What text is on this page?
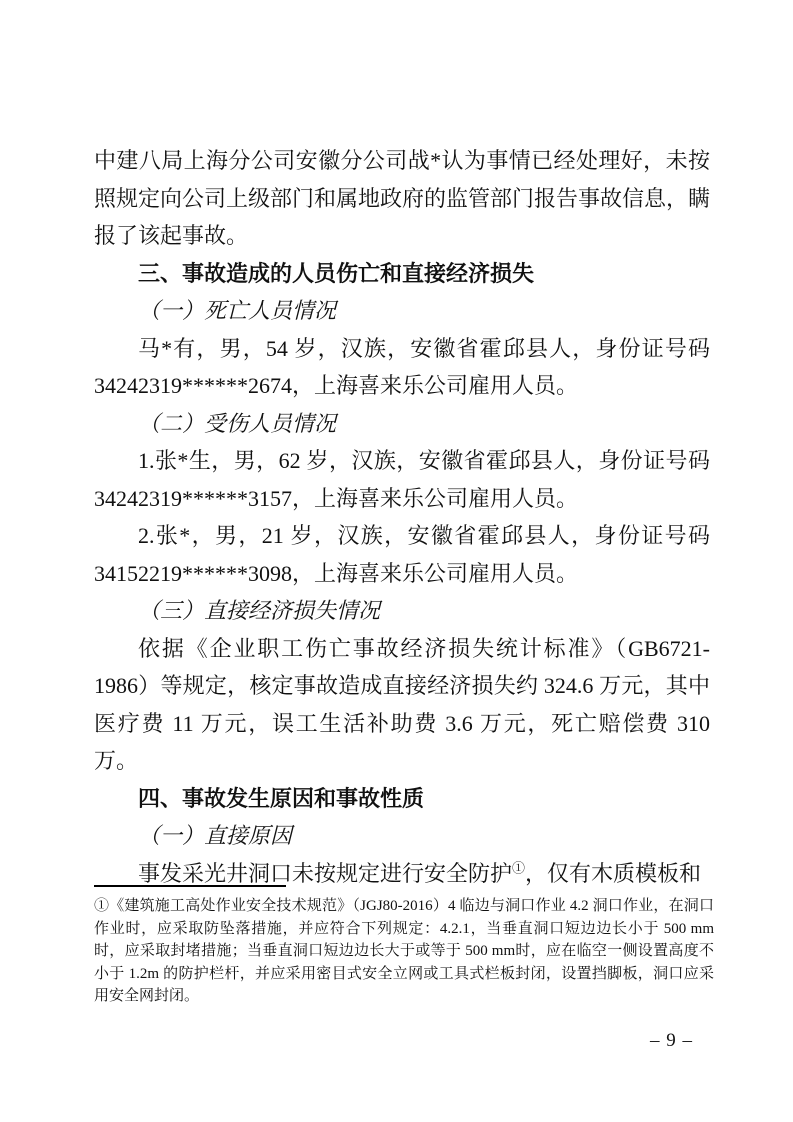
中建八局上海分公司安徽分公司战*认为事情已经处理好，未按照规定向公司上级部门和属地政府的监管部门报告事故信息，瞒报了该起事故。

三、事故造成的人员伤亡和直接经济损失

（一）死亡人员情况

马*有，男，54 岁，汉族，安徽省霍邱县人，身份证号码34242319******2674，上海喜来乐公司雇用人员。

（二）受伤人员情况

1.张*生，男，62 岁，汉族，安徽省霍邱县人，身份证号码34242319******3157，上海喜来乐公司雇用人员。

2.张*，男，21 岁，汉族，安徽省霍邱县人，身份证号码34152219******3098，上海喜来乐公司雇用人员。

（三）直接经济损失情况

依据《企业职工伤亡事故经济损失统计标准》（GB6721-1986）等规定，核定事故造成直接经济损失约 324.6 万元，其中医疗费 11 万元，误工生活补助费 3.6 万元，死亡赔偿费 310 万。

四、事故发生原因和事故性质

（一）直接原因

事发采光井洞口未按规定进行安全防护①，仅有木质模板和

①《建筑施工高处作业安全技术规范》（JGJ80-2016）4 临边与洞口作业 4.2 洞口作业，在洞口作业时，应采取防坠落措施，并应符合下列规定：4.2.1，当垂直洞口短边边长小于 500 mm时，应采取封堵措施；当垂直洞口短边边长大于或等于 500 mm时，应在临空一侧设置高度不小于 1.2m 的防护栏杆，并应采用密目式安全立网或工具式栏板封闭，设置挡脚板，洞口应采用安全网封闭。

– 9 –
